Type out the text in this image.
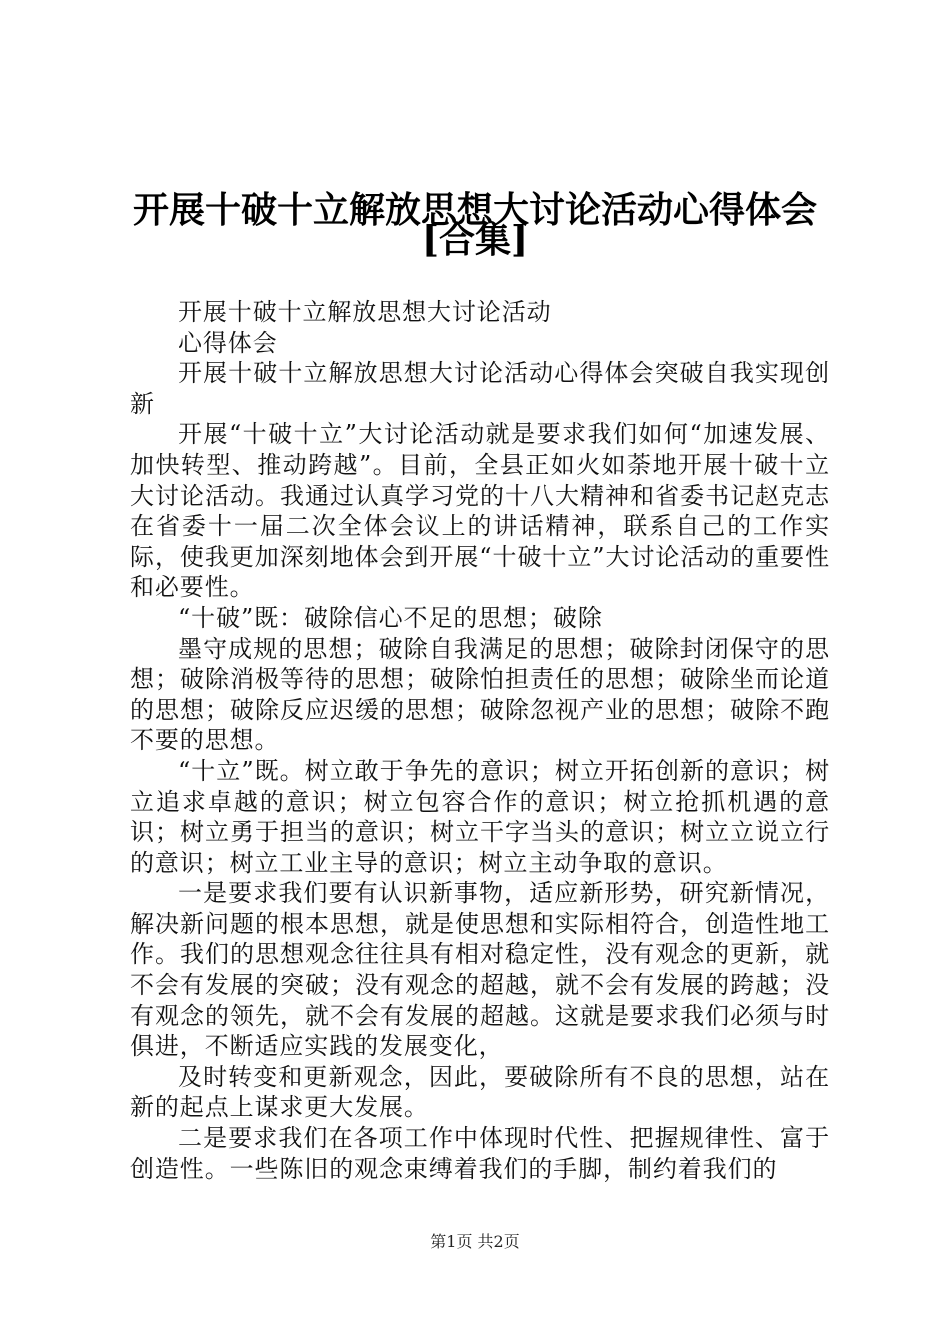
开展十破十立解放思想大讨论活动心得体会
[合集]

开展十破十立解放思想大讨论活动

心得体会

开展十破十立解放思想大讨论活动心得体会突破自我实现创新

开展“十破十立”大讨论活动就是要求我们如何“加速发展、加快转型、推动跨越”。目前，全县正如火如荼地开展十破十立大讨论活动。我通过认真学习党的十八大精神和省委书记赵克志在省委十一届二次全体会议上的讲话精神，联系自己的工作实际，使我更加深刻地体会到开展“十破十立”大讨论活动的重要性和必要性。

“十破”既：破除信心不足的思想；破除

墨守成规的思想；破除自我满足的思想；破除封闭保守的思想；破除消极等待的思想；破除怕担责任的思想；破除坐而论道的思想；破除反应迟缓的思想；破除忽视产业的思想；破除不跑不要的思想。

“十立”既。树立敢于争先的意识；树立开拓创新的意识；树立追求卓越的意识；树立包容合作的意识；树立抢抓机遇的意识；树立勇于担当的意识；树立干字当头的意识；树立立说立行的意识；树立工业主导的意识；树立主动争取的意识。

一是要求我们要有认识新事物，适应新形势，研究新情况，解决新问题的根本思想，就是使思想和实际相符合，创造性地工作。我们的思想观念往往具有相对稳定性，没有观念的更新，就不会有发展的突破；没有观念的超越，就不会有发展的跨越；没有观念的领先，就不会有发展的超越。这就是要求我们必须与时俱进，不断适应实践的发展变化，

及时转变和更新观念，因此，要破除所有不良的思想，站在新的起点上谋求更大发展。

二是要求我们在各项工作中体现时代性、把握规律性、富于创造性。一些陈旧的观念束缚着我们的手脚，制约着我们的

第1页 共2页
